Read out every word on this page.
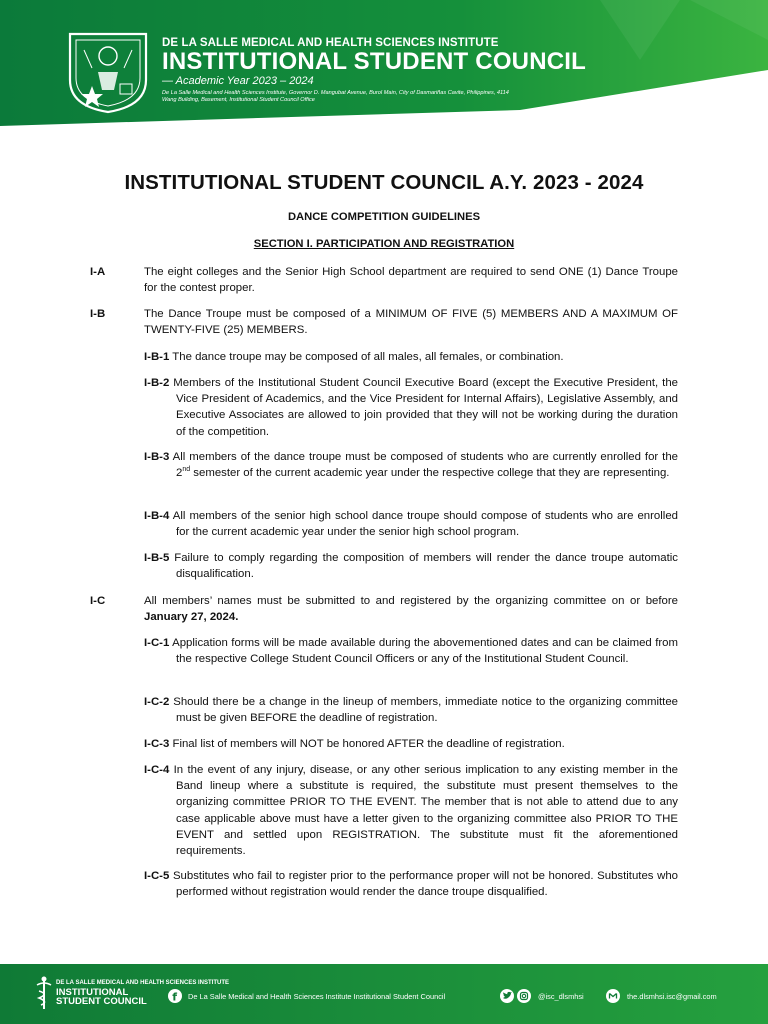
DE LA SALLE MEDICAL AND HEALTH SCIENCES INSTITUTE
INSTITUTIONAL STUDENT COUNCIL
— Academic Year 2023 – 2024
De La Salle Medical and Health Sciences Institute, Governor D. Mangubat Avenue, Burol Main, City of Dasmariñas Cavite, Philippines, 4114
Wang Building, Basement, Institutional Student Council Office
INSTITUTIONAL STUDENT COUNCIL A.Y. 2023 - 2024
DANCE COMPETITION GUIDELINES
SECTION I. PARTICIPATION AND REGISTRATION
I-A	The eight colleges and the Senior High School department are required to send ONE (1) Dance Troupe for the contest proper.
I-B	The Dance Troupe must be composed of a MINIMUM OF FIVE (5) MEMBERS AND A MAXIMUM OF TWENTY-FIVE (25) MEMBERS.
I-B-1 The dance troupe may be composed of all males, all females, or combination.
I-B-2 Members of the Institutional Student Council Executive Board (except the Executive President, the Vice President of Academics, and the Vice President for Internal Affairs), Legislative Assembly, and Executive Associates are allowed to join provided that they will not be working during the duration of the competition.
I-B-3 All members of the dance troupe must be composed of students who are currently enrolled for the 2nd semester of the current academic year under the respective college that they are representing.
I-B-4 All members of the senior high school dance troupe should compose of students who are enrolled for the current academic year under the senior high school program.
I-B-5 Failure to comply regarding the composition of members will render the dance troupe automatic disqualification.
I-C	All members’ names must be submitted to and registered by the organizing committee on or before January 27, 2024.
I-C-1 Application forms will be made available during the abovementioned dates and can be claimed from the respective College Student Council Officers or any of the Institutional Student Council.
I-C-2 Should there be a change in the lineup of members, immediate notice to the organizing committee must be given BEFORE the deadline of registration.
I-C-3 Final list of members will NOT be honored AFTER the deadline of registration.
I-C-4 In the event of any injury, disease, or any other serious implication to any existing member in the Band lineup where a substitute is required, the substitute must present themselves to the organizing committee PRIOR TO THE EVENT. The member that is not able to attend due to any case applicable above must have a letter given to the organizing committee also PRIOR TO THE EVENT and settled upon REGISTRATION. The substitute must fit the aforementioned requirements.
I-C-5 Substitutes who fail to register prior to the performance proper will not be honored. Substitutes who performed without registration would render the dance troupe disqualified.
DE LA SALLE MEDICAL AND HEALTH SCIENCES INSTITUTE
INSTITUTIONAL
STUDENT COUNCIL	f De La Salle Medical and Health Sciences Institute Institutional Student Council	@isc_dlsmhsi	the.dlsmhsi.isc@gmail.com
